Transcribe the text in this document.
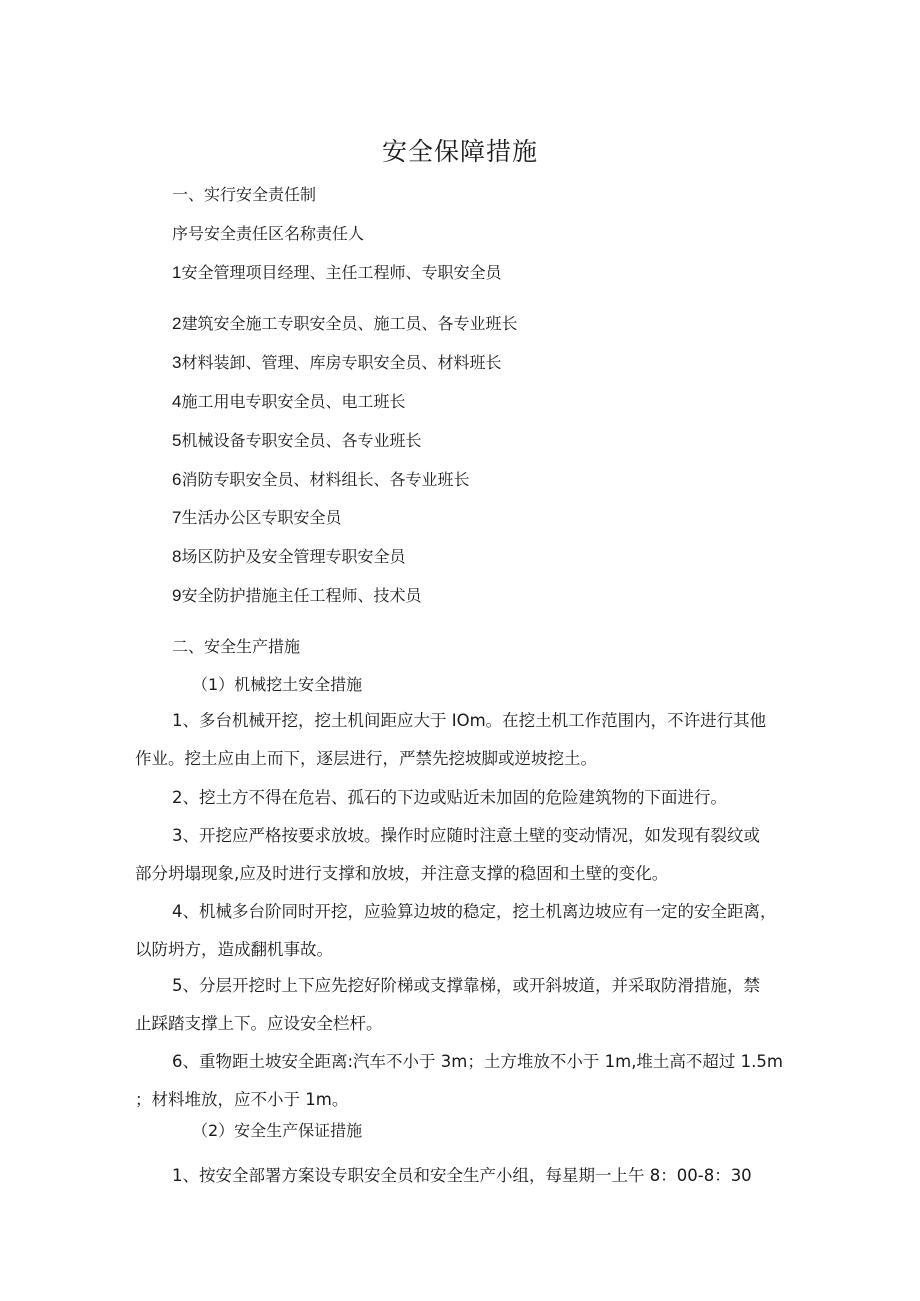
安全保障措施
一、实行安全责任制
序号安全责任区名称责任人
1安全管理项目经理、主任工程师、专职安全员
2建筑安全施工专职安全员、施工员、各专业班长
3材料装卸、管理、库房专职安全员、材料班长
4施工用电专职安全员、电工班长
5机械设备专职安全员、各专业班长
6消防专职安全员、材料组长、各专业班长
7生活办公区专职安全员
8场区防护及安全管理专职安全员
9安全防护措施主任工程师、技术员
二、安全生产措施
（1）机械挖土安全措施
1、多台机械开挖，挖土机间距应大于 IOm。在挖土机工作范围内，不许进行其他
作业。挖土应由上而下，逐层进行，严禁先挖坡脚或逆坡挖土。
2、挖土方不得在危岩、孤石的下边或贴近未加固的危险建筑物的下面进行。
3、开挖应严格按要求放坡。操作时应随时注意土壁的变动情况，如发现有裂纹或
部分坍塌现象,应及时进行支撑和放坡，并注意支撑的稳固和土壁的变化。
4、机械多台阶同时开挖，应验算边坡的稳定，挖土机离边坡应有一定的安全距离，
以防坍方，造成翻机事故。
5、分层开挖时上下应先挖好阶梯或支撑靠梯，或开斜坡道，并采取防滑措施，禁
止踩踏支撑上下。应设安全栏杆。
6、重物距土坡安全距离:汽车不小于 3m；土方堆放不小于 1m,堆土高不超过 1.5m
；材料堆放，应不小于 1m。
（2）安全生产保证措施
1、按安全部署方案设专职安全员和安全生产小组，每星期一上午 8：00-8：30
